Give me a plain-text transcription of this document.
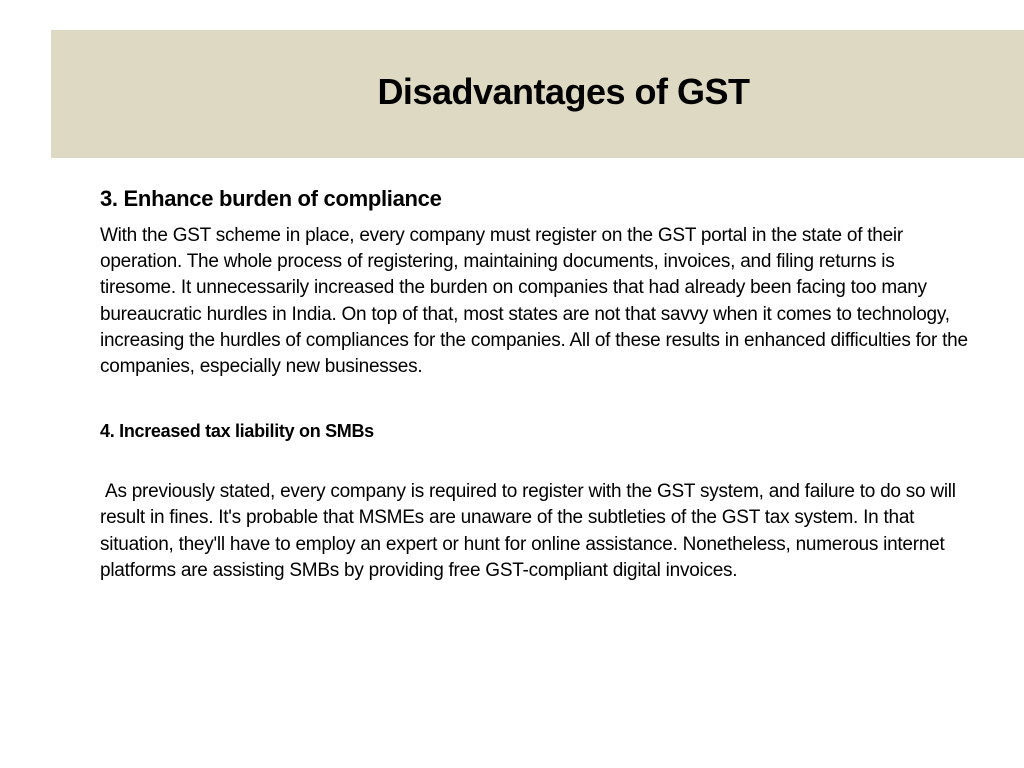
Disadvantages of GST
3. Enhance burden of compliance

With the GST scheme in place, every company must register on the GST portal in the state of their operation. The whole process of registering, maintaining documents, invoices, and filing returns is tiresome. It unnecessarily increased the burden on companies that had already been facing too many bureaucratic hurdles in India. On top of that, most states are not that savvy when it comes to technology, increasing the hurdles of compliances for the companies. All of these results in enhanced difficulties for the companies, especially new businesses.

4. Increased tax liability on SMBs

As previously stated, every company is required to register with the GST system, and failure to do so will result in fines. It's probable that MSMEs are unaware of the subtleties of the GST tax system. In that situation, they'll have to employ an expert or hunt for online assistance. Nonetheless, numerous internet platforms are assisting SMBs by providing free GST-compliant digital invoices.
